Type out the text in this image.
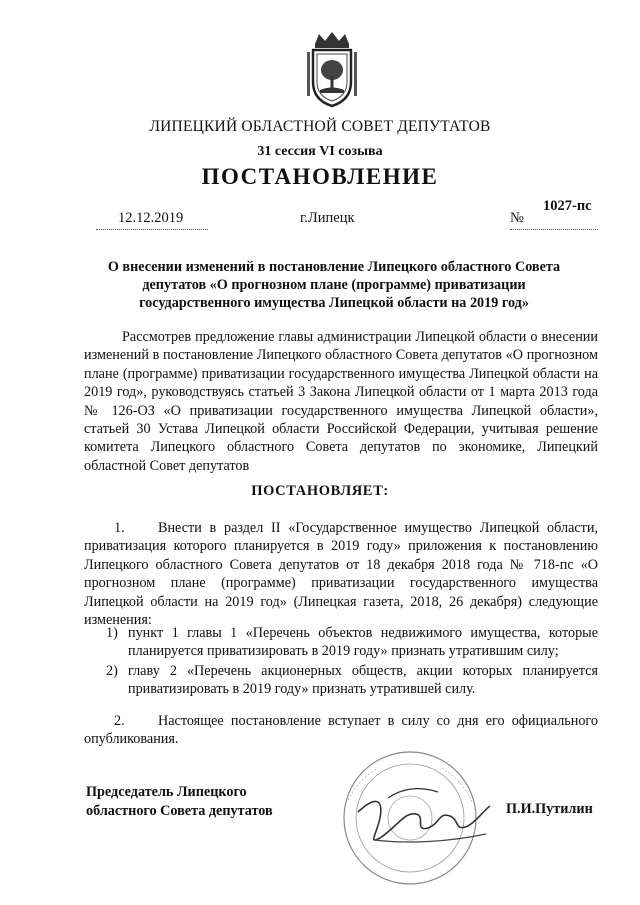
ЛИПЕЦКИЙ ОБЛАСТНОЙ СОВЕТ ДЕПУТАТОВ
31 сессия VI созыва
ПОСТАНОВЛЕНИЕ
12.12.2019	г.Липецк	№
1027-пс
О внесении изменений в постановление Липецкого областного Совета депутатов «О прогнозном плане (программе) приватизации государственного имущества Липецкой области на 2019 год»

Рассмотрев предложение главы администрации Липецкой области о внесении изменений в постановление Липецкого областного Совета депутатов «О прогнозном плане (программе) приватизации государственного имущества Липецкой области на 2019 год», руководствуясь статьей 3 Закона Липецкой области от 1 марта 2013 года № 126-ОЗ «О приватизации государственного имущества Липецкой области», статьей 30 Устава Липецкой области Российской Федерации, учитывая решение комитета Липецкого областного Совета депутатов по экономике, Липецкий областной Совет депутатов

ПОСТАНОВЛЯЕТ:

1. Внести в раздел II «Государственное имущество Липецкой области, приватизация которого планируется в 2019 году» приложения к постановлению Липецкого областного Совета депутатов от 18 декабря 2018 года № 718-пс «О прогнозном плане (программе) приватизации государственного имущества Липецкой области на 2019 год» (Липецкая газета, 2018, 26 декабря) следующие изменения:

1) пункт 1 главы 1 «Перечень объектов недвижимого имущества, которые планируется приватизировать в 2019 году» признать утратившим силу;
2) главу 2 «Перечень акционерных обществ, акции которых планируется приватизировать в 2019 году» признать утратившей силу.

2. Настоящее постановление вступает в силу со дня его официального опубликования.

Председатель Липецкого
областного Совета депутатов	П.И.Путилин
